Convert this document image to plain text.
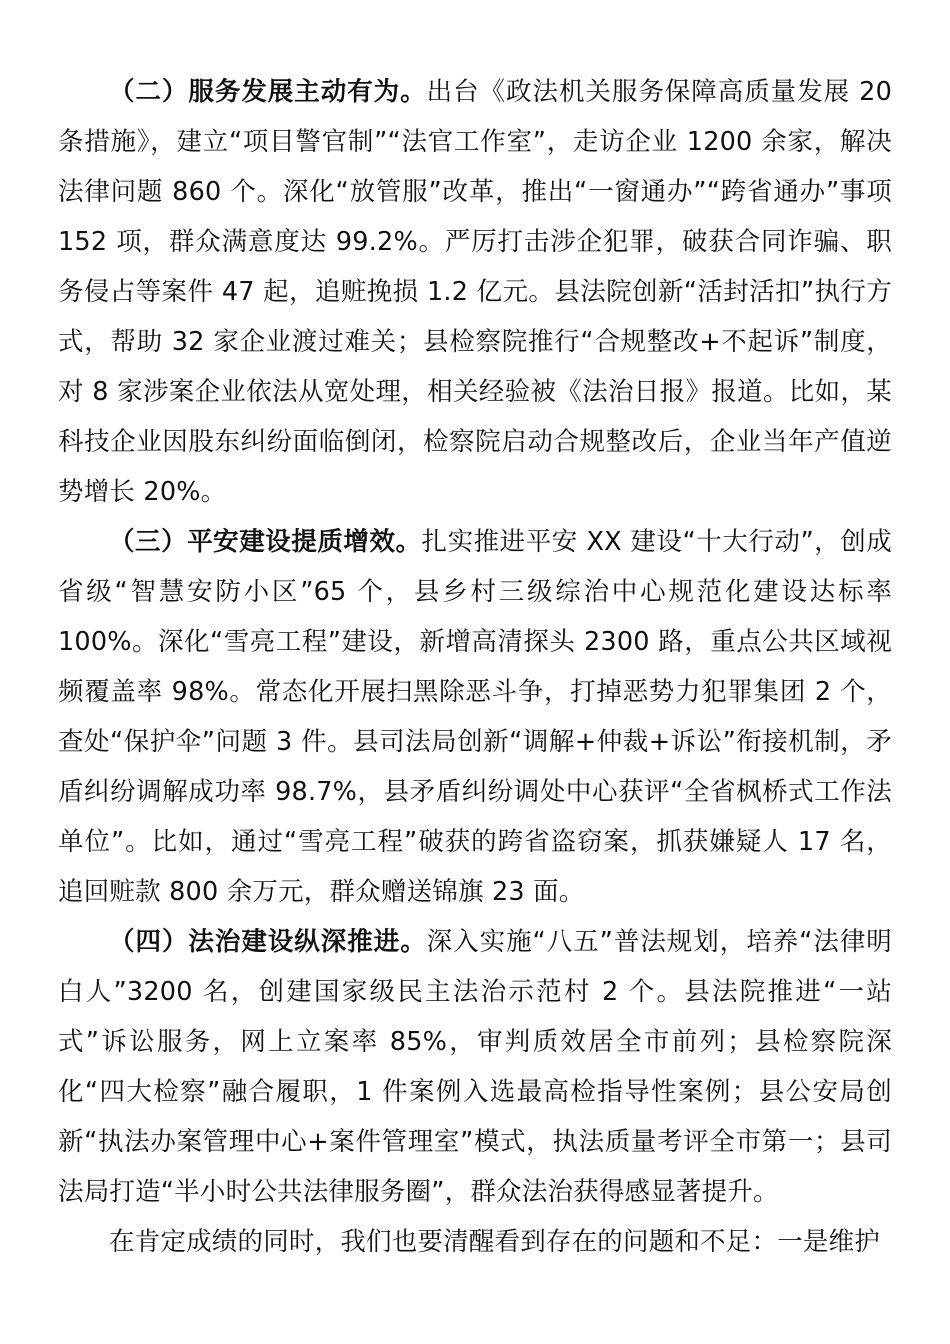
（二）服务发展主动有为。出台《政法机关服务保障高质量发展 20 条措施》，建立“项目警官制”“法官工作室”，走访企业 1200 余家，解决法律问题 860 个。深化“放管服”改革，推出“一窗通办”“跨省通办”事项 152 项，群众满意度达 99.2%。严厉打击涉企犯罪，破获合同诈骗、职务侵占等案件 47 起，追赃挽损 1.2 亿元。县法院创新“活封活扣”执行方式，帮助 32 家企业渡过难关；县检察院推行“合规整改+不起诉”制度，对 8 家涉案企业依法从宽处理，相关经验被《法治日报》报道。比如，某科技企业因股东纠纷面临倒闭，检察院启动合规整改后，企业当年产值逆势增长 20%。

（三）平安建设提质增效。扎实推进平安 XX 建设“十大行动”，创成省级“智慧安防小区”65 个，县乡村三级综治中心规范化建设达标率 100%。深化“雪亮工程”建设，新增高清探头 2300 路，重点公共区域视频覆盖率 98%。常态化开展扫黑除恶斗争，打掉恶势力犯罪集团 2 个，查处“保护伞”问题 3 件。县司法局创新“调解+仲裁+诉讼”衔接机制，矛盾纠纷调解成功率 98.7%，县矛盾纠纷调处中心获评“全省枫桥式工作法单位”。比如，通过“雪亮工程”破获的跨省盗窃案，抓获嫌疑人 17 名，追回赃款 800 余万元，群众赠送锦旗 23 面。

（四）法治建设纵深推进。深入实施“八五”普法规划，培养“法律明白人”3200 名，创建国家级民主法治示范村 2 个。县法院推进“一站式”诉讼服务，网上立案率 85%，审判质效居全市前列；县检察院深化“四大检察”融合履职，1 件案例入选最高检指导性案例；县公安局创新“执法办案管理中心+案件管理室”模式，执法质量考评全市第一；县司法局打造“半小时公共法律服务圈”，群众法治获得感显著提升。

在肯定成绩的同时，我们也要清醒看到存在的问题和不足：一是维护
